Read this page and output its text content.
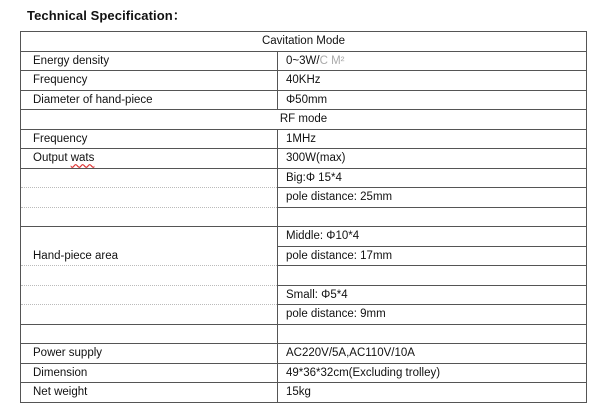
Technical Specification：
Cavitation Mode	
Energy density	0~3W/C M²
Frequency	40KHz
Diameter of hand-piece	Φ50mm
RF mode	
Frequency	1MHz
Output wats	300W(max)
	Big:Φ 15*4
	pole distance: 25mm

Hand-piece area	Middle: Φ10*4
	pole distance: 17mm

	Small: Φ5*4
	pole distance: 9mm

Power supply	AC220V/5A,AC110V/10A
Dimension	49*36*32cm(Excluding trolley)
Net weight	15kg
